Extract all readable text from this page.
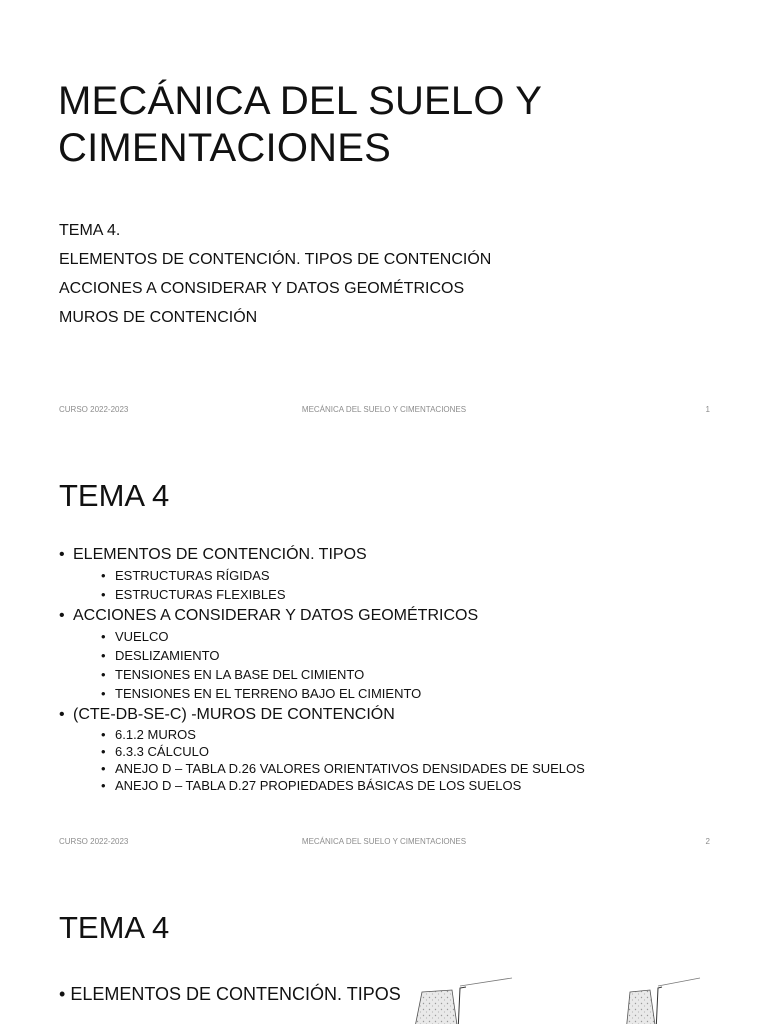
MECÁNICA DEL SUELO Y
CIMENTACIONES
TEMA 4.
ELEMENTOS DE CONTENCIÓN. TIPOS DE CONTENCIÓN
ACCIONES A CONSIDERAR Y DATOS GEOMÉTRICOS
MUROS DE CONTENCIÓN
CURSO 2022-2023	MECÁNICA DEL SUELO Y CIMENTACIONES	1
TEMA 4
• ELEMENTOS DE CONTENCIÓN. TIPOS
• ESTRUCTURAS RÍGIDAS
• ESTRUCTURAS FLEXIBLES
• ACCIONES A CONSIDERAR Y DATOS GEOMÉTRICOS
• VUELCO
• DESLIZAMIENTO
• TENSIONES EN LA BASE DEL CIMIENTO
• TENSIONES EN EL TERRENO BAJO EL CIMIENTO
• (CTE-DB-SE-C) -MUROS DE CONTENCIÓN
• 6.1.2 MUROS
• 6.3.3 CÁLCULO
• ANEJO D – TABLA D.26 VALORES ORIENTATIVOS DENSIDADES DE SUELOS
• ANEJO D – TABLA D.27 PROPIEDADES BÁSICAS DE LOS SUELOS
CURSO 2022-2023	MECÁNICA DEL SUELO Y CIMENTACIONES	2
TEMA 4
• ELEMENTOS DE CONTENCIÓN. TIPOS
